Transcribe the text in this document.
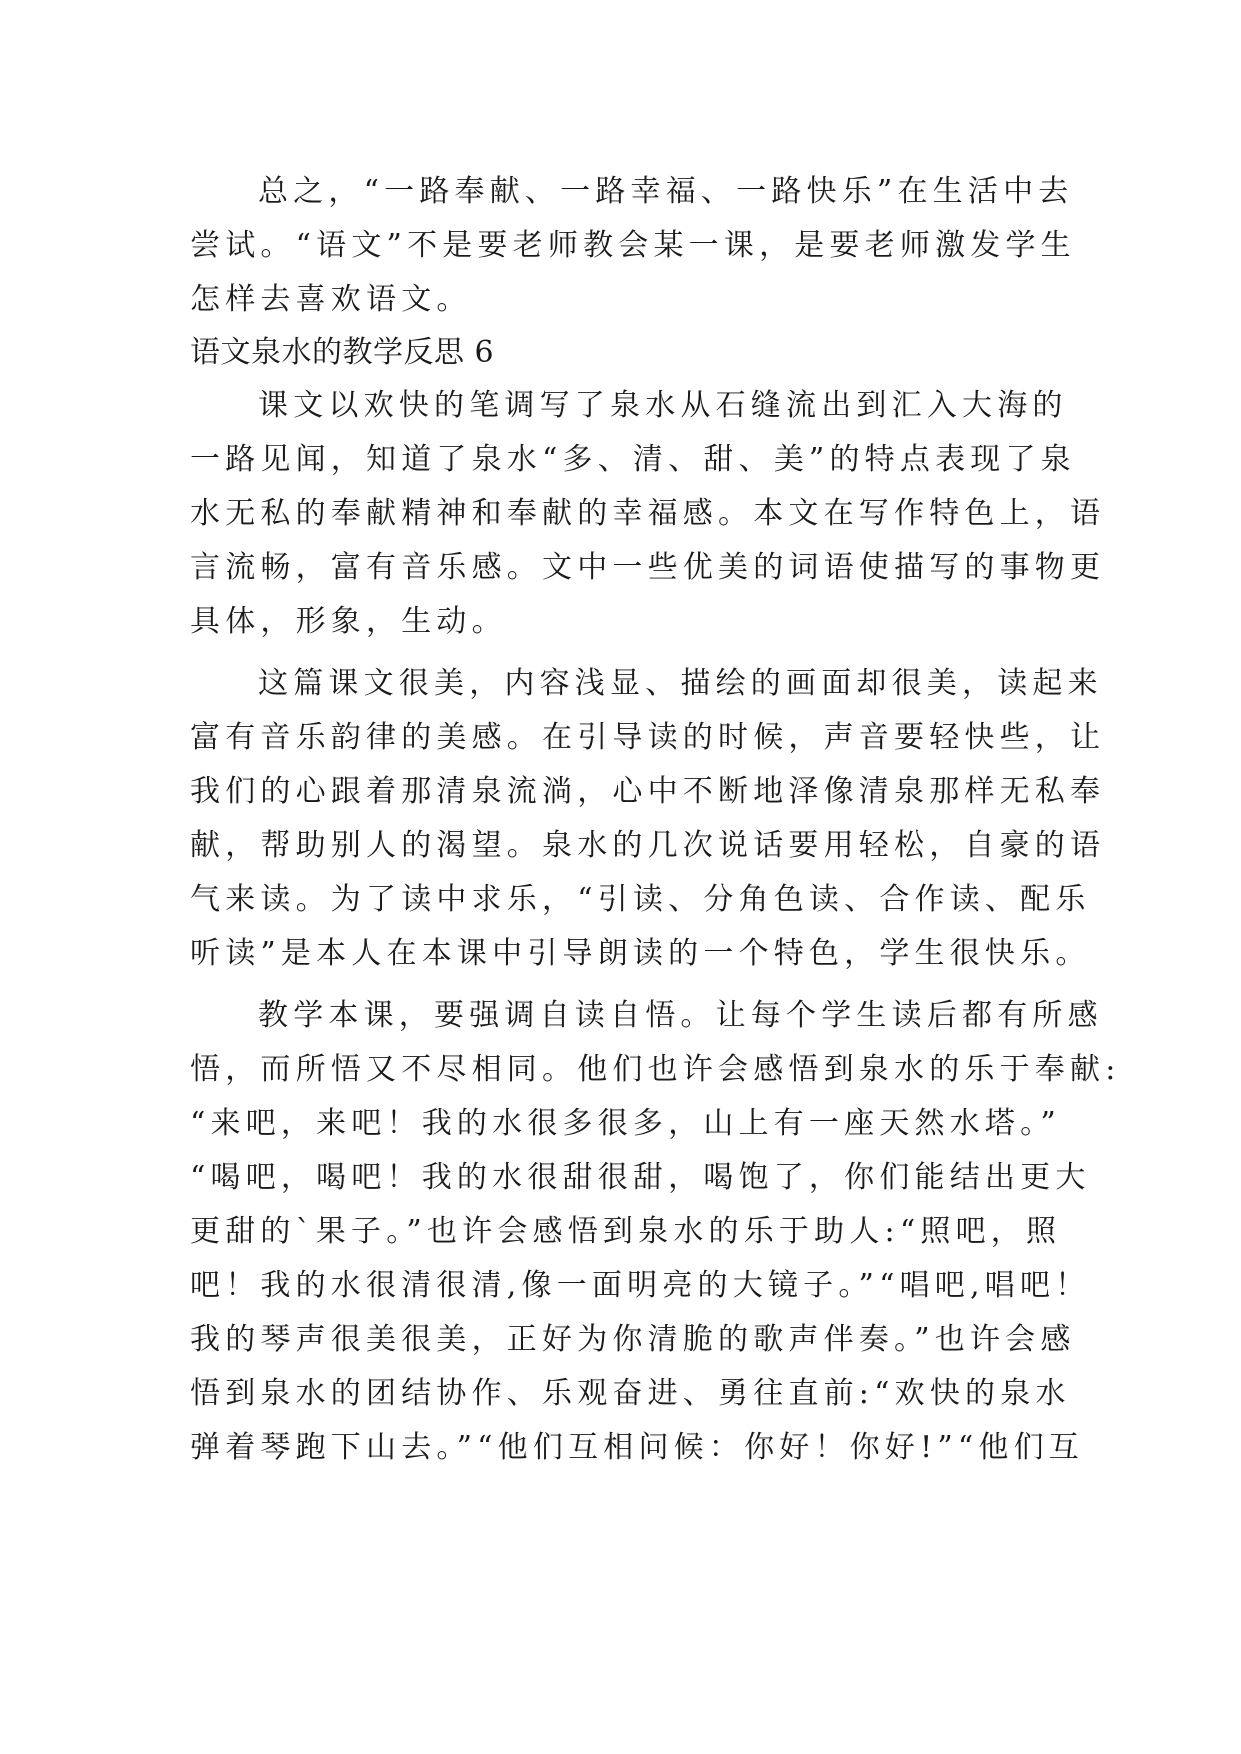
总之，“一路奉献、一路幸福、一路快乐”在生活中去
尝试。“语文”不是要老师教会某一课，是要老师激发学生
怎样去喜欢语文。
语文泉水的教学反思 6
课文以欢快的笔调写了泉水从石缝流出到汇入大海的
一路见闻，知道了泉水“多、清、甜、美”的特点表现了泉
水无私的奉献精神和奉献的幸福感。本文在写作特色上，语
言流畅，富有音乐感。文中一些优美的词语使描写的事物更
具体，形象，生动。
这篇课文很美，内容浅显、描绘的画面却很美，读起来
富有音乐韵律的美感。在引导读的时候，声音要轻快些，让
我们的心跟着那清泉流淌，心中不断地泽像清泉那样无私奉
献，帮助别人的渴望。泉水的几次说话要用轻松，自豪的语
气来读。为了读中求乐，“引读、分角色读、合作读、配乐
听读”是本人在本课中引导朗读的一个特色，学生很快乐。
教学本课，要强调自读自悟。让每个学生读后都有所感
悟，而所悟又不尽相同。他们也许会感悟到泉水的乐于奉献:
“来吧，来吧！我的水很多很多，山上有一座天然水塔。”
“喝吧，喝吧！我的水很甜很甜，喝饱了，你们能结出更大
更甜的`果子。”也许会感悟到泉水的乐于助人:“照吧，照
吧！我的水很清很清,像一面明亮的大镜子。”“唱吧,唱吧！
我的琴声很美很美，正好为你清脆的歌声伴奏。”也许会感
悟到泉水的团结协作、乐观奋进、勇往直前:“欢快的泉水
弹着琴跑下山去。”“他们互相问候：你好！你好!”“他们互
